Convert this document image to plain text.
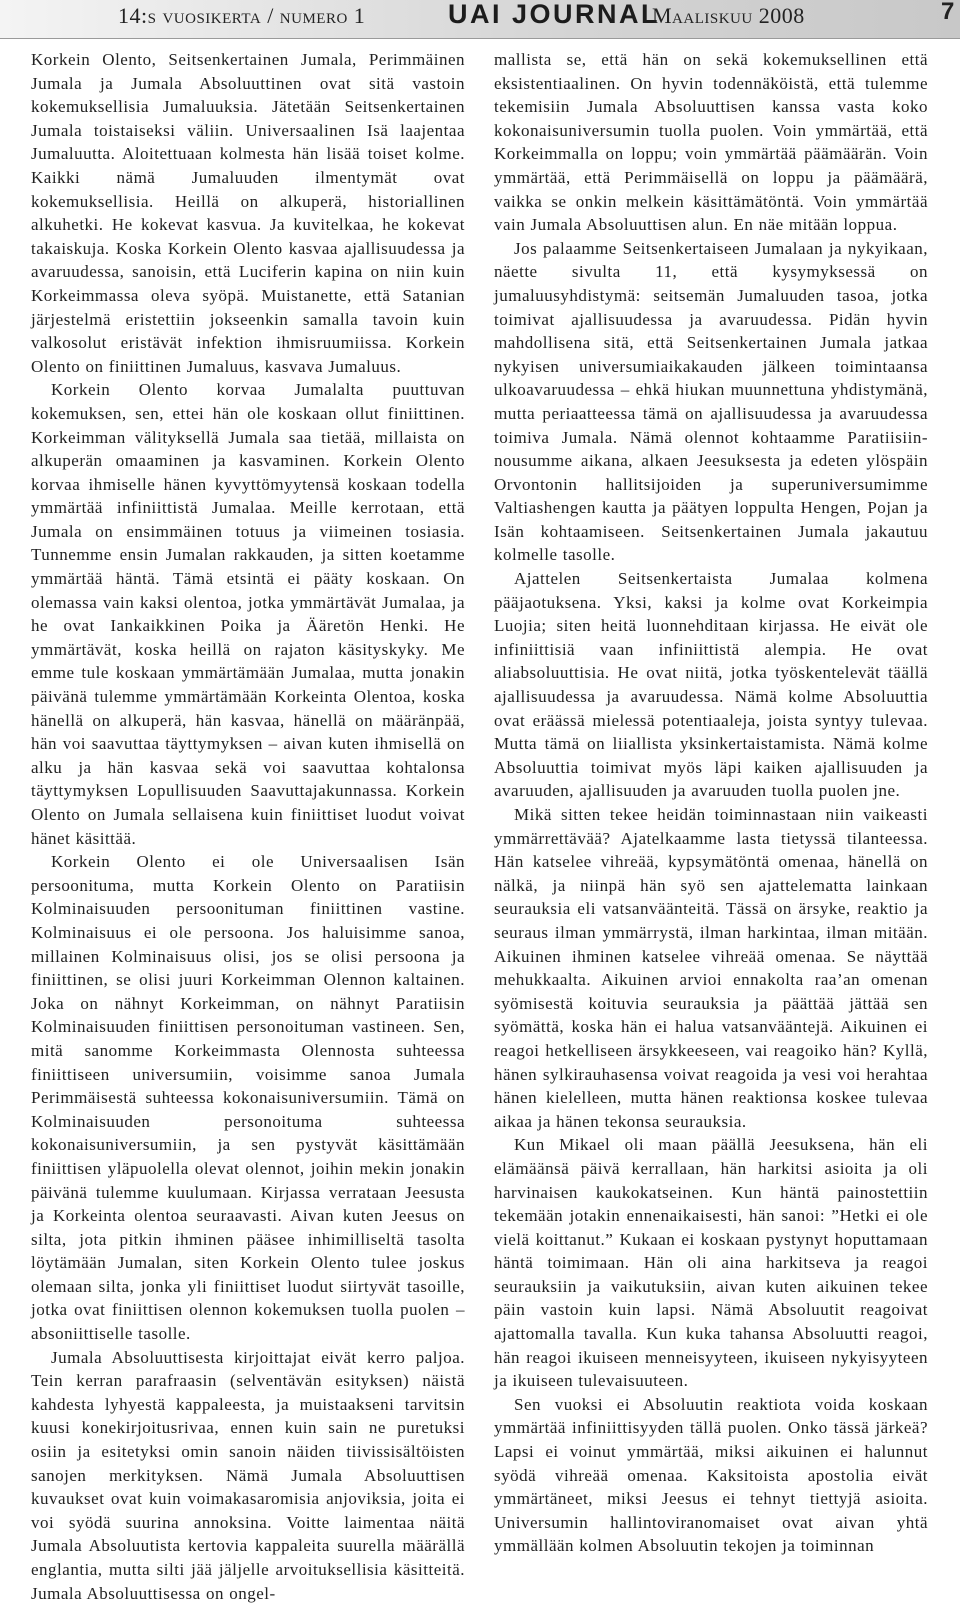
14:s vuosikerta / numero 1	UAI JOURNAL
Maaliskuu 2008	7

Korkein Olento, Seitsenkertainen Jumala, Perimmäinen Jumala ja Jumala Absoluuttinen ovat sitä vastoin kokemuksellisia Jumaluuksia. Jätetään Seitsenkertainen Jumala toistaiseksi väliin. Universaalinen Isä laajentaa Jumaluutta. Aloitettuaan kolmesta hän lisää toiset kolme. Kaikki nämä Jumaluuden ilmentymät ovat kokemuksellisia. Heillä on alkuperä, historiallinen alkuhetki. He kokevat kasvua. Ja kuvitelkaa, he kokevat takaiskuja. Koska Korkein Olento kasvaa ajallisuudessa ja avaruudessa, sanoisin, että Luciferin kapina on niin kuin Korkeimmassa oleva syöpä. Muistanette, että Satanian järjestelmä eristettiin jokseenkin samalla tavoin kuin valkosolut eristävät infektion ihmisruumiissa. Korkein Olento on finiittinen Jumaluus, kasvava Jumaluus.

Korkein Olento korvaa Jumalalta puuttuvan kokemuksen, sen, ettei hän ole koskaan ollut finiittinen. Korkeimman välityksellä Jumala saa tietää, millaista on alkuperän omaaminen ja kasvaminen. Korkein Olento korvaa ihmiselle hänen kyvyttömyytensä koskaan todella ymmärtää infiniittistä Jumalaa. Meille kerrotaan, että Jumala on ensimmäinen totuus ja viimeinen tosiasia. Tunnemme ensin Jumalan rakkauden, ja sitten koetamme ymmärtää häntä. Tämä etsintä ei pääty koskaan. On olemassa vain kaksi olentoa, jotka ymmärtävät Jumalaa, ja he ovat Iankaikkinen Poika ja Ääretön Henki. He ymmärtävät, koska heillä on rajaton käsityskyky. Me emme tule koskaan ymmärtämään Jumalaa, mutta jonakin päivänä tulemme ymmärtämään Korkeinta Olentoa, koska hänellä on alkuperä, hän kasvaa, hänellä on määränpää, hän voi saavuttaa täyttymyksen – aivan kuten ihmisellä on alku ja hän kasvaa sekä voi saavuttaa kohtalonsa täyttymyksen Lopullisuuden Saavuttajakunnassa. Korkein Olento on Jumala sellaisena kuin finiittiset luodut voivat hänet käsittää.

Korkein Olento ei ole Universaalisen Isän persoonituma, mutta Korkein Olento on Paratiisin Kolminaisuuden persoonituman finiittinen vastine. Kolminaisuus ei ole persoona. Jos haluisimme sanoa, millainen Kolminaisuus olisi, jos se olisi persoona ja finiittinen, se olisi juuri Korkeimman Olennon kaltainen. Joka on nähnyt Korkeimman, on nähnyt Paratiisin Kolminaisuuden finiittisen personoituman vastineen. Sen, mitä sanomme Korkeimmasta Olennosta suhteessa finiittiseen universumiin, voisimme sanoa Jumala Perimmäisestä suhteessa kokonaisuniversumiin. Tämä on Kolminaisuuden personoituma suhteessa kokonaisuniversumiin, ja sen pystyvät käsittämään finiittisen yläpuolella olevat olennot, joihin mekin jonakin päivänä tulemme kuulumaan. Kirjassa verrataan Jeesusta ja Korkeinta olentoa seuraavasti. Aivan kuten Jeesus on silta, jota pitkin ihminen pääsee inhimilliseltä tasolta löytämään Jumalan, siten Korkein Olento tulee joskus olemaan silta, jonka yli finiittiset luodut siirtyvät tasoille, jotka ovat finiittisen olennon kokemuksen tuolla puolen – absoniittiselle tasolle.

Jumala Absoluuttisesta kirjoittajat eivät kerro paljoa. Tein kerran parafraasin (selventävän esityksen) näistä kahdesta lyhyestä kappaleesta, ja muistaakseni tarvitsin kuusi konekirjoitusrivaa, ennen kuin sain ne puretuksi osiin ja esitetyksi omin sanoin näiden tiivissisältöisten sanojen merkityksen. Nämä Jumala Absoluuttisen kuvaukset ovat kuin voimakasaromisia anjoviksia, joita ei voi syödä suurina annoksina. Voitte laimentaa näitä Jumala Absoluutista kertovia kappaleita suurella määrällä englantia, mutta silti jää jäljelle arvoituksellisia käsitteitä. Jumala Absoluuttisessa on ongel-

mallista se, että hän on sekä kokemuksellinen että eksistentiaalinen. On hyvin todennäköistä, että tulemme tekemisiin Jumala Absoluuttisen kanssa vasta koko kokonaisuniversumin tuolla puolen. Voin ymmärtää, että Korkeimmalla on loppu; voin ymmärtää päämäärän. Voin ymmärtää, että Perimmäisellä on loppu ja päämäärä, vaikka se onkin melkein käsittämätöntä. Voin ymmärtää vain Jumala Absoluuttisen alun. En näe mitään loppua.

Jos palaamme Seitsenkertaiseen Jumalaan ja nykyikaan, näette sivulta 11, että kysymyksessä on jumaluusyhdistymä: seitsemän Jumaluuden tasoa, jotka toimivat ajallisuudessa ja avaruudessa. Pidän hyvin mahdollisena sitä, että Seitsenkertainen Jumala jatkaa nykyisen universumiaikakauden jälkeen toimintaansa ulkoavaruudessa – ehkä hiukan muunnettuna yhdistymänä, mutta periaatteessa tämä on ajallisuudessa ja avaruudessa toimiva Jumala. Nämä olennot kohtaamme Paratiisiin-nousumme aikana, alkaen Jeesuksesta ja edeten ylöspäin Orvontonin hallitsijoiden ja superuniversumimme Valtiashengen kautta ja päätyen loppulta Hengen, Pojan ja Isän kohtaamiseen. Seitsenkertainen Jumala jakautuu kolmelle tasolle.

Ajattelen Seitsenkertaista Jumalaa kolmena pääjaotuksena. Yksi, kaksi ja kolme ovat Korkeimpia Luojia; siten heitä luonnehditaan kirjassa. He eivät ole infiniittisiä vaan infiniittistä alempia. He ovat aliabsoluuttisia. He ovat niitä, jotka työskentelevät täällä ajallisuudessa ja avaruudessa. Nämä kolme Absoluuttia ovat eräässä mielessä potentiaaleja, joista syntyy tulevaa. Mutta tämä on liiallista yksinkertaistamista. Nämä kolme Absoluuttia toimivat myös läpi kaiken ajallisuuden ja avaruuden, ajallisuuden ja avaruuden tuolla puolen jne.

Mikä sitten tekee heidän toiminnastaan niin vaikeasti ymmärrettävää? Ajatelkaamme lasta tietyssä tilanteessa. Hän katselee vihreää, kypsymätöntä omenaa, hänellä on nälkä, ja niinpä hän syö sen ajattelematta lainkaan seurauksia eli vatsanväänteitä. Tässä on ärsyke, reaktio ja seuraus ilman ymmärrystä, ilman harkintaa, ilman mitään. Aikuinen ihminen katselee vihreää omenaa. Se näyttää mehukkaalta. Aikuinen arvioi ennakolta raa’an omenan syömisestä koituvia seurauksia ja päättää jättää sen syömättä, koska hän ei halua vatsanvääntejä. Aikuinen ei reagoi hetkelliseen ärsykkeeseen, vai reagoiko hän? Kyllä, hänen sylkirauhasensa voivat reagoida ja vesi voi herahtaa hänen kielelleen, mutta hänen reaktionsa koskee tulevaa aikaa ja hänen tekonsa seurauksia.

Kun Mikael oli maan päällä Jeesuksena, hän eli elämäänsä päivä kerrallaan, hän harkitsi asioita ja oli harvinaisen kaukokatseinen. Kun häntä painostettiin tekemään jotakin ennenaikaisesti, hän sanoi: ”Hetki ei ole vielä koittanut.” Kukaan ei koskaan pystynyt hoputtamaan häntä toimimaan. Hän oli aina harkitseva ja reagoi seurauksiin ja vaikutuksiin, aivan kuten aikuinen tekee päin vastoin kuin lapsi. Nämä Absoluutit reagoivat ajattomalla tavalla. Kun kuka tahansa Absoluutti reagoi, hän reagoi ikuiseen menneisyyteen, ikuiseen nykyisyyteen ja ikuiseen tulevaisuuteen.

Sen vuoksi ei Absoluutin reaktiota voida koskaan ymmärtää infiniittisyyden tällä puolen. Onko tässä järkeä? Lapsi ei voinut ymmärtää, miksi aikuinen ei halunnut syödä vihreää omenaa. Kaksitoista apostolia eivät ymmärtäneet, miksi Jeesus ei tehnyt tiettyjä asioita. Universumin hallintoviranomaiset ovat aivan yhtä ymmällään kolmen Absoluutin tekojen ja toiminnan
